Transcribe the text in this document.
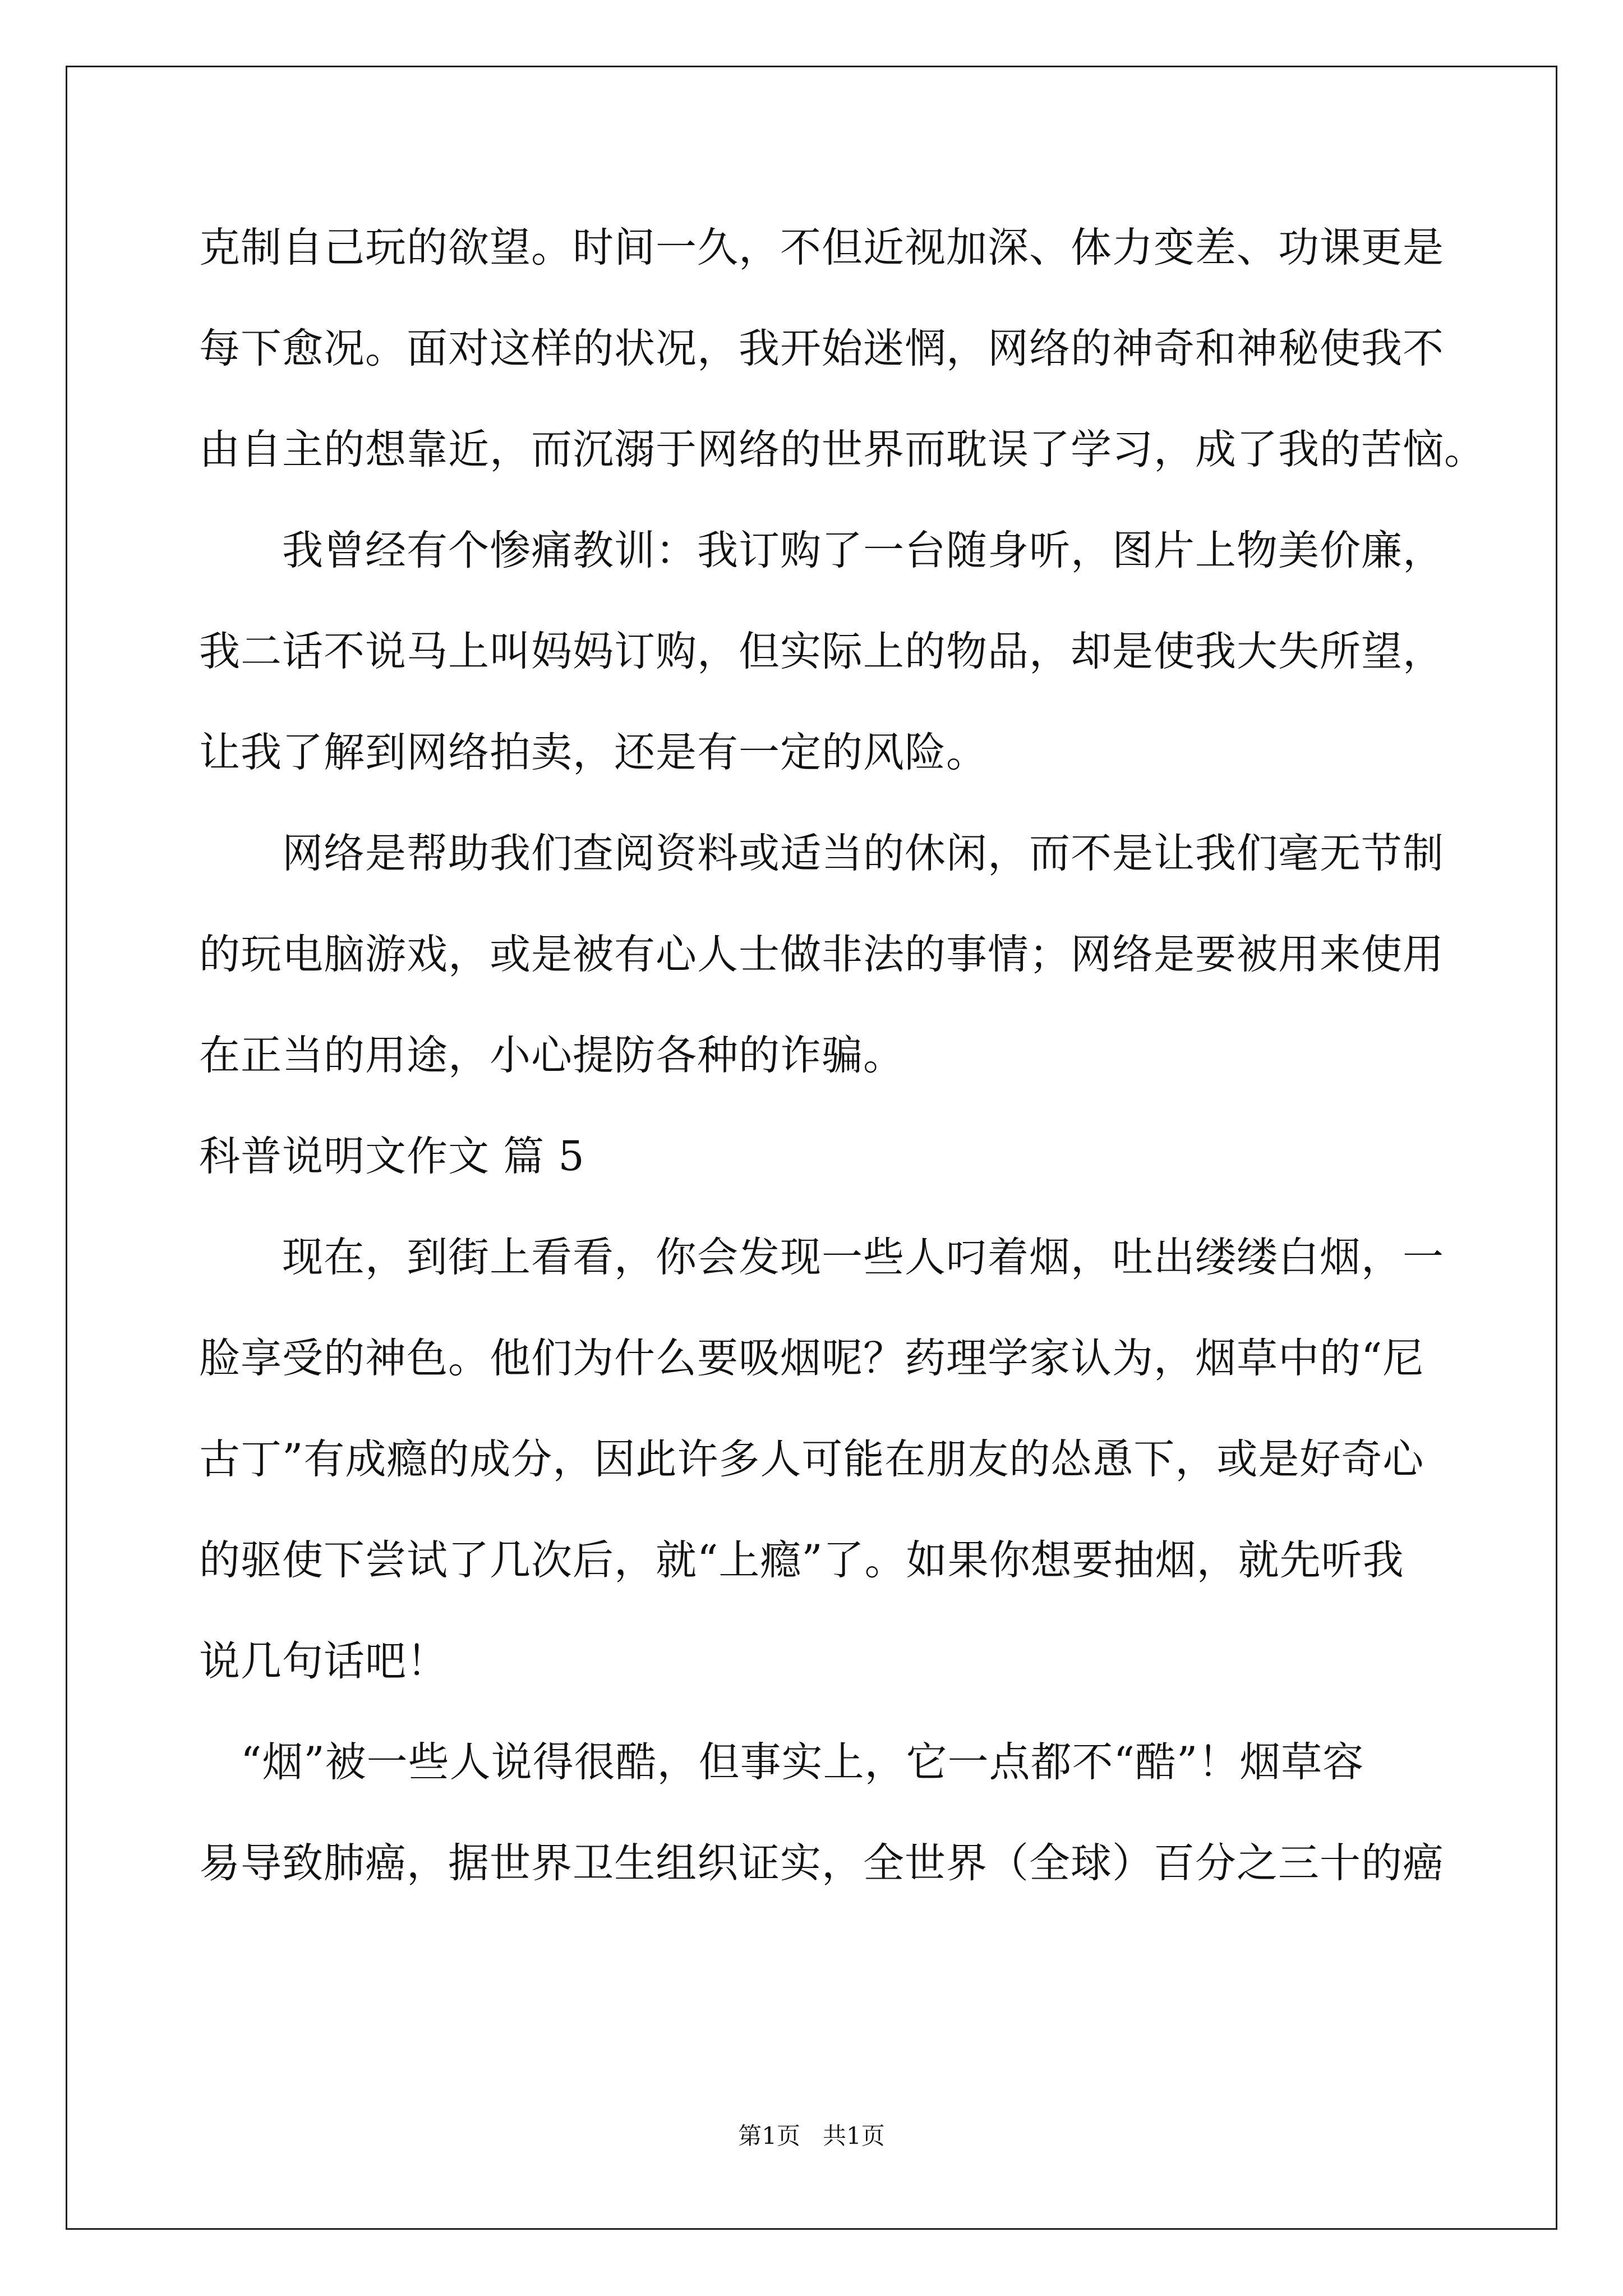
克制自己玩的欲望。时间一久，不但近视加深、体力变差、功课更是

每下愈况。面对这样的状况，我开始迷惘，网络的神奇和神秘使我不

由自主的想靠近，而沉溺于网络的世界而耽误了学习，成了我的苦恼。

　　我曾经有个惨痛教训：我订购了一台随身听，图片上物美价廉，

我二话不说马上叫妈妈订购，但实际上的物品，却是使我大失所望，

让我了解到网络拍卖，还是有一定的风险。

　　网络是帮助我们查阅资料或适当的休闲，而不是让我们毫无节制

的玩电脑游戏，或是被有心人士做非法的事情；网络是要被用来使用

在正当的用途，小心提防各种的诈骗。

科普说明文作文 篇 5

　　现在，到街上看看，你会发现一些人叼着烟，吐出缕缕白烟，一

脸享受的神色。他们为什么要吸烟呢？药理学家认为，烟草中的“尼

古丁”有成瘾的成分，因此许多人可能在朋友的怂恿下，或是好奇心

的驱使下尝试了几次后，就“上瘾”了。如果你想要抽烟，就先听我

说几句话吧！

　“烟”被一些人说得很酷，但事实上，它一点都不“酷”！烟草容

易导致肺癌，据世界卫生组织证实，全世界（全球）百分之三十的癌

第1页   共1页
